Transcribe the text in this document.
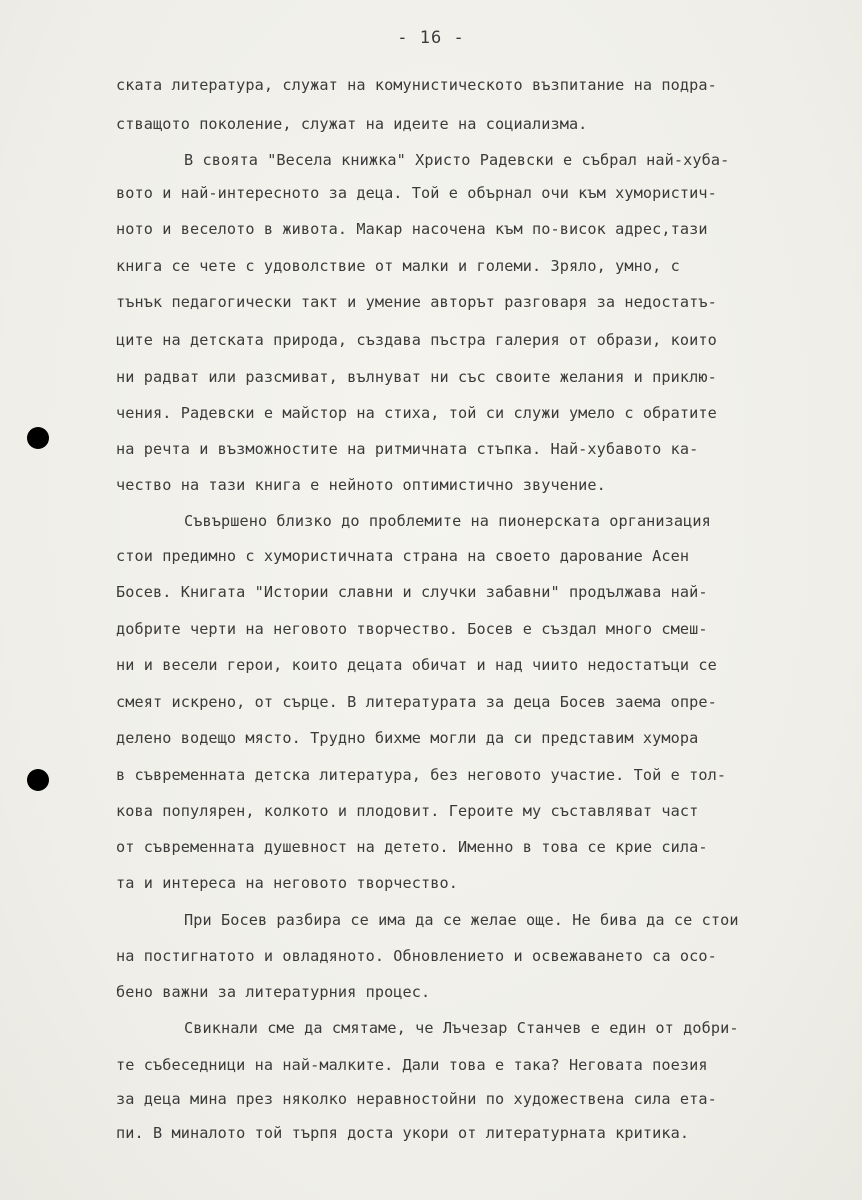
- 16 -
ската литература, служат на комунистическото възпитание на подра-
стващото поколение, служат на идеите на социализма.
В своята "Весела книжка" Христо Радевски е събрал най-хуба-
вото и най-интересното за деца. Той е обърнал очи към хумористич-
ното и веселото в живота. Макар насочена към по-висок адрес,тази
книга се чете с удоволствие от малки и големи. Зряло, умно, с
тънък педагогически такт и умение авторът разговаря за недостатъ-
ците на детската природа, създава пъстра галерия от образи, които
ни радват или разсмиват, вълнуват ни със своите желания и приклю-
чения. Радевски е майстор на стиха, той си служи умело с обратите
на речта и възможностите на ритмичната стъпка. Най-хубавото ка-
чество на тази книга е нейното оптимистично звучение.
Съвършено близко до проблемите на пионерската организация
стои предимно с хумористичната страна на своето дарование Асен
Босев. Книгата "Истории славни и случки забавни" продължава най-
добрите черти на неговото творчество. Босев е създал много смеш-
ни и весели герои, които децата обичат и над чиито недостатъци се
смеят искрено, от сърце. В литературата за деца Босев заема опре-
делено водещо място. Трудно бихме могли да си представим хумора
в съвременната детска литература, без неговото участие. Той е тол-
кова популярен, колкото и плодовит. Героите му съставляват част
от съвременната душевност на детето. Именно в това се крие сила-
та и интереса на неговото творчество.
При Босев разбира се има да се желае още. Не бива да се стои
на постигнатото и овладяното. Обновлението и освежаването са осо-
бено важни за литературния процес.
Свикнали сме да смятаме, че Лъчезар Станчев е един от добри-
те събеседници на най-малките. Дали това е така? Неговата поезия
за деца мина през няколко неравностойни по художествена сила ета-
пи. В миналото той търпя доста укори от литературната критика.
